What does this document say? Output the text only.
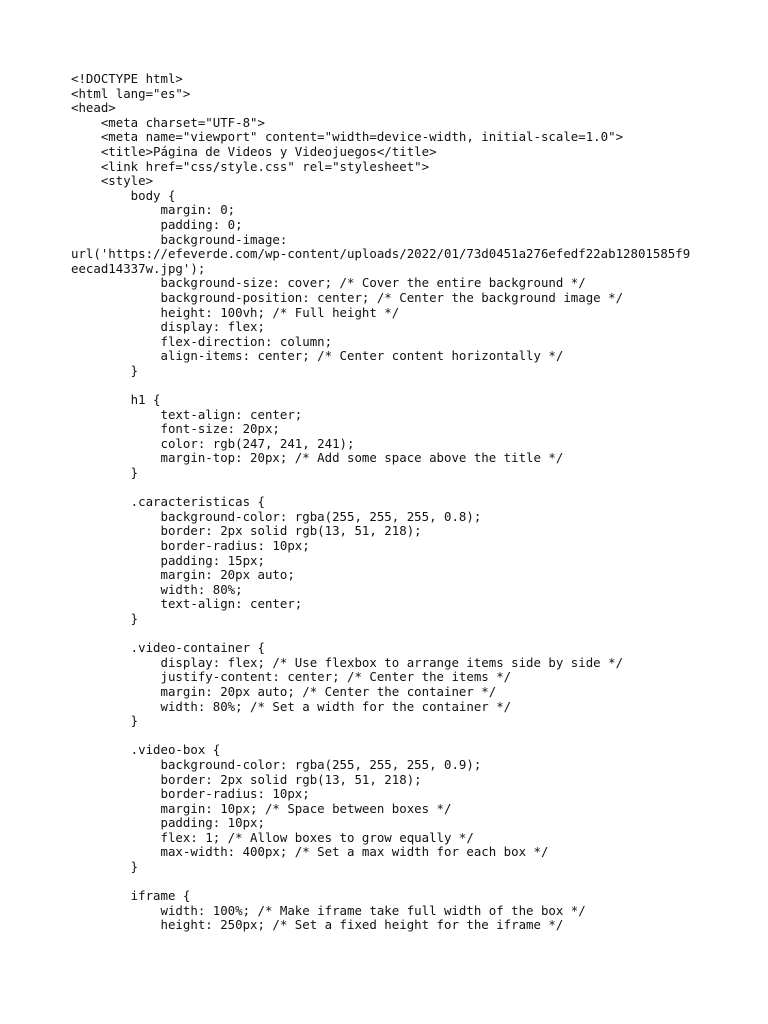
<!DOCTYPE html>
<html lang="es">
<head>
<meta charset="UTF-8">
<meta name="viewport" content="width=device-width, initial-scale=1.0">
<title>Página de Videos y Videojuegos</title>
<link href="css/style.css" rel="stylesheet">
<style>
body {
margin: 0;
padding: 0;
background-image:
url('https://efeverde.com/wp-content/uploads/2022/01/73d0451a276efedf22ab12801585f9
eecad14337w.jpg');
background-size: cover; /* Cover the entire background */
background-position: center; /* Center the background image */
height: 100vh; /* Full height */
display: flex;
flex-direction: column;
align-items: center; /* Center content horizontally */
}
h1 {
text-align: center;
font-size: 20px;
color: rgb(247, 241, 241);
margin-top: 20px; /* Add some space above the title */
}
.caracteristicas {
background-color: rgba(255, 255, 255, 0.8);
border: 2px solid rgb(13, 51, 218);
border-radius: 10px;
padding: 15px;
margin: 20px auto;
width: 80%;
text-align: center;
}
.video-container {
display: flex; /* Use flexbox to arrange items side by side */
justify-content: center; /* Center the items */
margin: 20px auto; /* Center the container */
width: 80%; /* Set a width for the container */
}
.video-box {
background-color: rgba(255, 255, 255, 0.9);
border: 2px solid rgb(13, 51, 218);
border-radius: 10px;
margin: 10px; /* Space between boxes */
padding: 10px;
flex: 1; /* Allow boxes to grow equally */
max-width: 400px; /* Set a max width for each box */
}
iframe {
width: 100%; /* Make iframe take full width of the box */
height: 250px; /* Set a fixed height for the iframe */
